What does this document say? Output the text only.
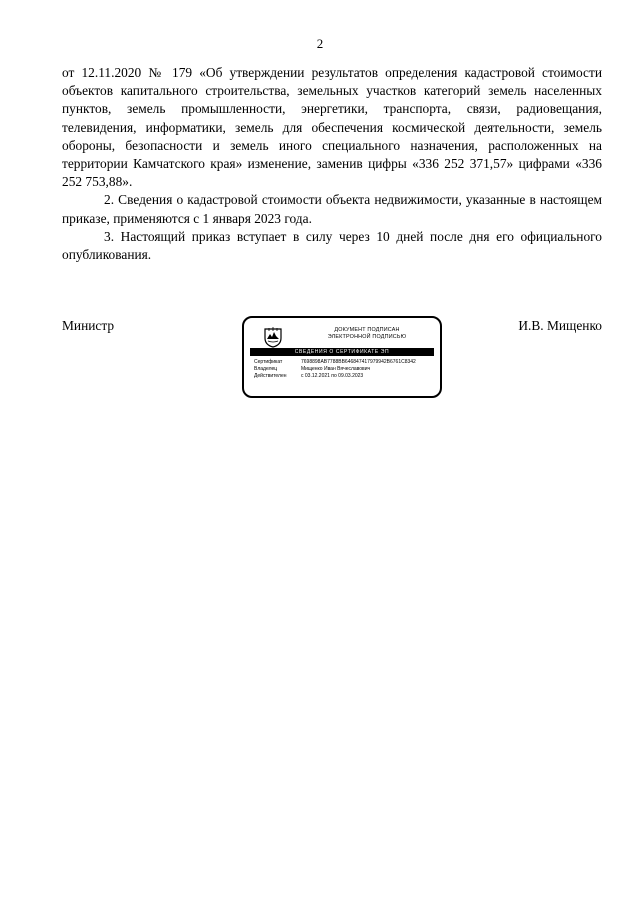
2

от 12.11.2020 № 179 «Об утверждении результатов определения кадастровой стоимости объектов капитального строительства, земельных участков категорий земель населенных пунктов, земель промышленности, энергетики, транспорта, связи, радиовещания, телевидения, информатики, земель для обеспечения космической деятельности, земель обороны, безопасности и земель иного специального назначения, расположенных на территории Камчатского края» изменение, заменив цифры «336 252 371,57» цифрами «336 252 753,88».

2. Сведения о кадастровой стоимости объекта недвижимости, указанные в настоящем приказе, применяются с 1 января 2023 года.

3. Настоящий приказ вступает в силу через 10 дней после дня его официального опубликования.

Министр	ДОКУМЕНТ ПОДПИСАН
ЭЛЕКТРОННОЙ ПОДПИСЬЮ
СВЕДЕНИЯ О СЕРТИФИКАТЕ ЭП
Сертификат	7698898AB7788BB646847417979942B6761C8342
Владелец	Мищенко Иван Вячеславович
Действителен	с 03.12.2021 по 09.03.2023
И.В. Мищенко
